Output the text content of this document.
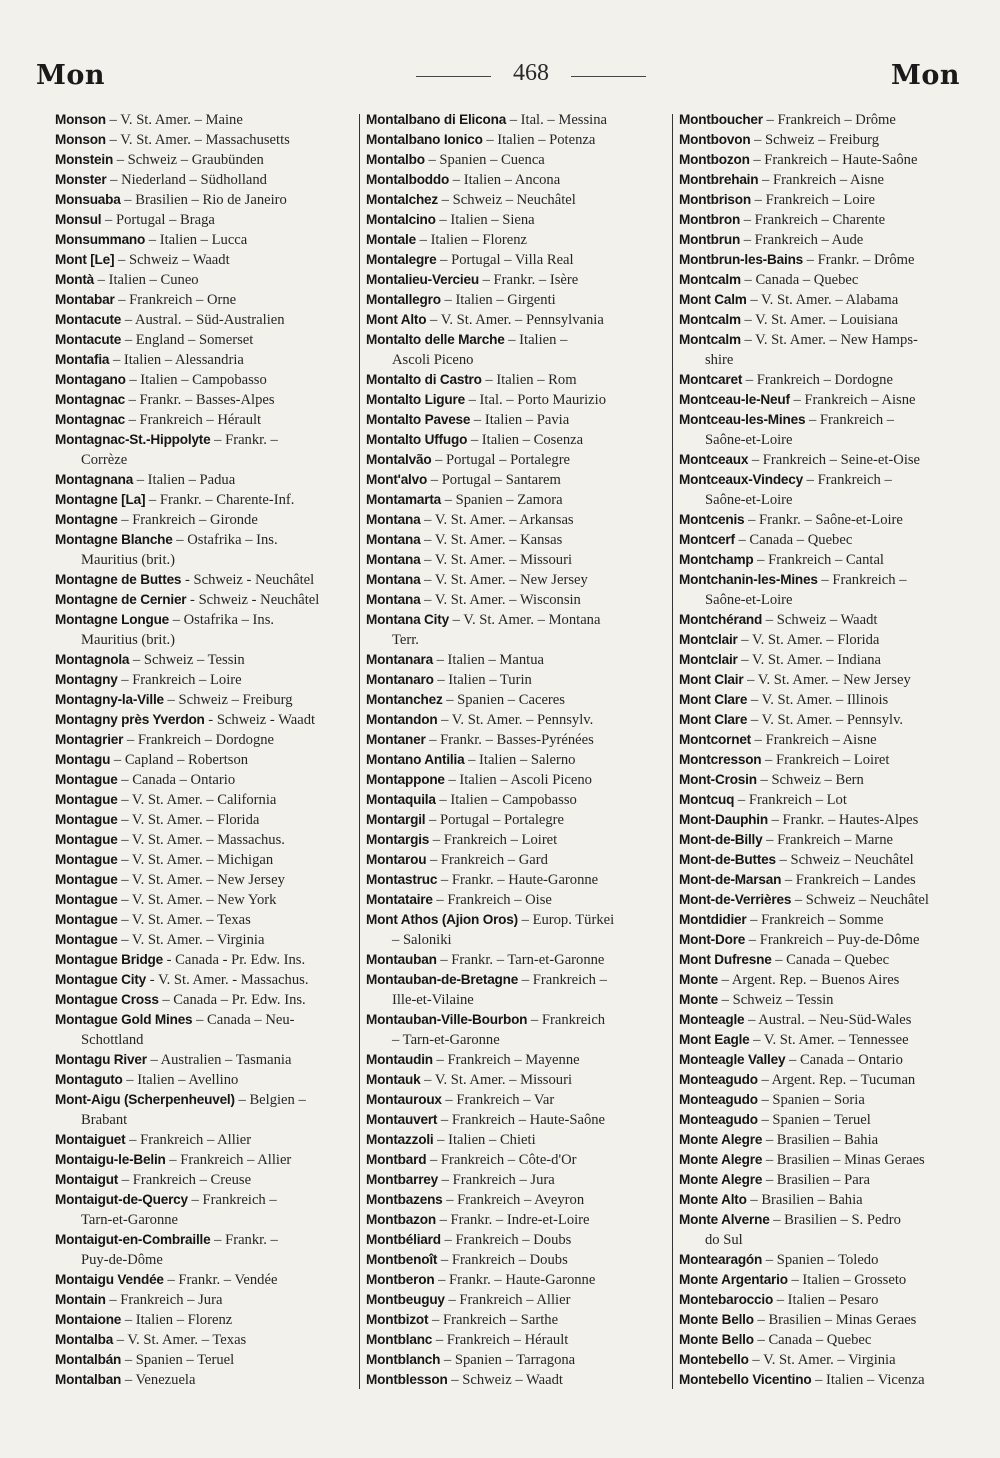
Mon	468	Mon
Monson – V. St. Amer. – Maine
Monson – V. St. Amer. – Massachusetts
Monstein – Schweiz – Graubünden
Monster – Niederland – Südholland
Monsuaba – Brasilien – Rio de Janeiro
Monsul – Portugal – Braga
Monsummano – Italien – Lucca
Mont [Le] – Schweiz – Waadt
Montà – Italien – Cuneo
Montabar – Frankreich – Orne
Montacute – Austral. – Süd-Australien
Montacute – England – Somerset
Montafia – Italien – Alessandria
Montagano – Italien – Campobasso
Montagnac – Frankr. – Basses-Alpes
Montagnac – Frankreich – Hérault
Montagnac-St.-Hippolyte – Frankr. –
Corrèze
Montagnana – Italien – Padua
Montagne [La] – Frankr. – Charente-Inf.
Montagne – Frankreich – Gironde
Montagne Blanche – Ostafrika – Ins.
Mauritius (brit.)
Montagne de Buttes - Schweiz - Neuchâtel
Montagne de Cernier - Schweiz - Neuchâtel
Montagne Longue – Ostafrika – Ins.
Mauritius (brit.)
Montagnola – Schweiz – Tessin
Montagny – Frankreich – Loire
Montagny-la-Ville – Schweiz – Freiburg
Montagny près Yverdon - Schweiz - Waadt
Montagrier – Frankreich – Dordogne
Montagu – Capland – Robertson
Montague – Canada – Ontario
Montague – V. St. Amer. – California
Montague – V. St. Amer. – Florida
Montague – V. St. Amer. – Massachus.
Montague – V. St. Amer. – Michigan
Montague – V. St. Amer. – New Jersey
Montague – V. St. Amer. – New York
Montague – V. St. Amer. – Texas
Montague – V. St. Amer. – Virginia
Montague Bridge - Canada - Pr. Edw. Ins.
Montague City - V. St. Amer. - Massachus.
Montague Cross – Canada – Pr. Edw. Ins.
Montague Gold Mines – Canada – Neu-
Schottland
Montagu River – Australien – Tasmania
Montaguto – Italien – Avellino
Mont-Aigu (Scherpenheuvel) – Belgien –
Brabant
Montaiguet – Frankreich – Allier
Montaigu-le-Belin – Frankreich – Allier
Montaigut – Frankreich – Creuse
Montaigut-de-Quercy – Frankreich –
Tarn-et-Garonne
Montaigut-en-Combraille – Frankr. –
Puy-de-Dôme
Montaigu Vendée – Frankr. – Vendée
Montain – Frankreich – Jura
Montaione – Italien – Florenz
Montalba – V. St. Amer. – Texas
Montalbán – Spanien – Teruel
Montalban – Venezuela
Montalbano di Elicona – Ital. – Messina
Montalbano Ionico – Italien – Potenza
Montalbo – Spanien – Cuenca
Montalboddo – Italien – Ancona
Montalchez – Schweiz – Neuchâtel
Montalcino – Italien – Siena
Montale – Italien – Florenz
Montalegre – Portugal – Villa Real
Montalieu-Vercieu – Frankr. – Isère
Montallegro – Italien – Girgenti
Mont Alto – V. St. Amer. – Pennsylvania
Montalto delle Marche – Italien –
Ascoli Piceno
Montalto di Castro – Italien – Rom
Montalto Ligure – Ital. – Porto Maurizio
Montalto Pavese – Italien – Pavia
Montalto Uffugo – Italien – Cosenza
Montalvão – Portugal – Portalegre
Mont'alvo – Portugal – Santarem
Montamarta – Spanien – Zamora
Montana – V. St. Amer. – Arkansas
Montana – V. St. Amer. – Kansas
Montana – V. St. Amer. – Missouri
Montana – V. St. Amer. – New Jersey
Montana – V. St. Amer. – Wisconsin
Montana City – V. St. Amer. – Montana
Terr.
Montanara – Italien – Mantua
Montanaro – Italien – Turin
Montanchez – Spanien – Caceres
Montandon – V. St. Amer. – Pennsylv.
Montaner – Frankr. – Basses-Pyrénées
Montano Antilia – Italien – Salerno
Montappone – Italien – Ascoli Piceno
Montaquila – Italien – Campobasso
Montargil – Portugal – Portalegre
Montargis – Frankreich – Loiret
Montarou – Frankreich – Gard
Montastruc – Frankr. – Haute-Garonne
Montataire – Frankreich – Oise
Mont Athos (Ajion Oros) – Europ. Türkei
– Saloniki
Montauban – Frankr. – Tarn-et-Garonne
Montauban-de-Bretagne – Frankreich –
Ille-et-Vilaine
Montauban-Ville-Bourbon – Frankreich
– Tarn-et-Garonne
Montaudin – Frankreich – Mayenne
Montauk – V. St. Amer. – Missouri
Montauroux – Frankreich – Var
Montauvert – Frankreich – Haute-Saône
Montazzoli – Italien – Chieti
Montbard – Frankreich – Côte-d'Or
Montbarrey – Frankreich – Jura
Montbazens – Frankreich – Aveyron
Montbazon – Frankr. – Indre-et-Loire
Montbéliard – Frankreich – Doubs
Montbenoît – Frankreich – Doubs
Montberon – Frankr. – Haute-Garonne
Montbeuguy – Frankreich – Allier
Montbizot – Frankreich – Sarthe
Montblanc – Frankreich – Hérault
Montblanch – Spanien – Tarragona
Montblesson – Schweiz – Waadt
Montboucher – Frankreich – Drôme
Montbovon – Schweiz – Freiburg
Montbozon – Frankreich – Haute-Saône
Montbrehain – Frankreich – Aisne
Montbrison – Frankreich – Loire
Montbron – Frankreich – Charente
Montbrun – Frankreich – Aude
Montbrun-les-Bains – Frankr. – Drôme
Montcalm – Canada – Quebec
Mont Calm – V. St. Amer. – Alabama
Montcalm – V. St. Amer. – Louisiana
Montcalm – V. St. Amer. – New Hamps-
shire
Montcaret – Frankreich – Dordogne
Montceau-le-Neuf – Frankreich – Aisne
Montceau-les-Mines – Frankreich –
Saône-et-Loire
Montceaux – Frankreich – Seine-et-Oise
Montceaux-Vindecy – Frankreich –
Saône-et-Loire
Montcenis – Frankr. – Saône-et-Loire
Montcerf – Canada – Quebec
Montchamp – Frankreich – Cantal
Montchanin-les-Mines – Frankreich –
Saône-et-Loire
Montchérand – Schweiz – Waadt
Montclair – V. St. Amer. – Florida
Montclair – V. St. Amer. – Indiana
Mont Clair – V. St. Amer. – New Jersey
Mont Clare – V. St. Amer. – Illinois
Mont Clare – V. St. Amer. – Pennsylv.
Montcornet – Frankreich – Aisne
Montcresson – Frankreich – Loiret
Mont-Crosin – Schweiz – Bern
Montcuq – Frankreich – Lot
Mont-Dauphin – Frankr. – Hautes-Alpes
Mont-de-Billy – Frankreich – Marne
Mont-de-Buttes – Schweiz – Neuchâtel
Mont-de-Marsan – Frankreich – Landes
Mont-de-Verrières – Schweiz – Neuchâtel
Montdidier – Frankreich – Somme
Mont-Dore – Frankreich – Puy-de-Dôme
Mont Dufresne – Canada – Quebec
Monte – Argent. Rep. – Buenos Aires
Monte – Schweiz – Tessin
Monteagle – Austral. – Neu-Süd-Wales
Mont Eagle – V. St. Amer. – Tennessee
Monteagle Valley – Canada – Ontario
Monteagudo – Argent. Rep. – Tucuman
Monteagudo – Spanien – Soria
Monteagudo – Spanien – Teruel
Monte Alegre – Brasilien – Bahia
Monte Alegre – Brasilien – Minas Geraes
Monte Alegre – Brasilien – Para
Monte Alto – Brasilien – Bahia
Monte Alverne – Brasilien – S. Pedro
do Sul
Montearagón – Spanien – Toledo
Monte Argentario – Italien – Grosseto
Montebaroccio – Italien – Pesaro
Monte Bello – Brasilien – Minas Geraes
Monte Bello – Canada – Quebec
Montebello – V. St. Amer. – Virginia
Montebello Vicentino – Italien – Vicenza
